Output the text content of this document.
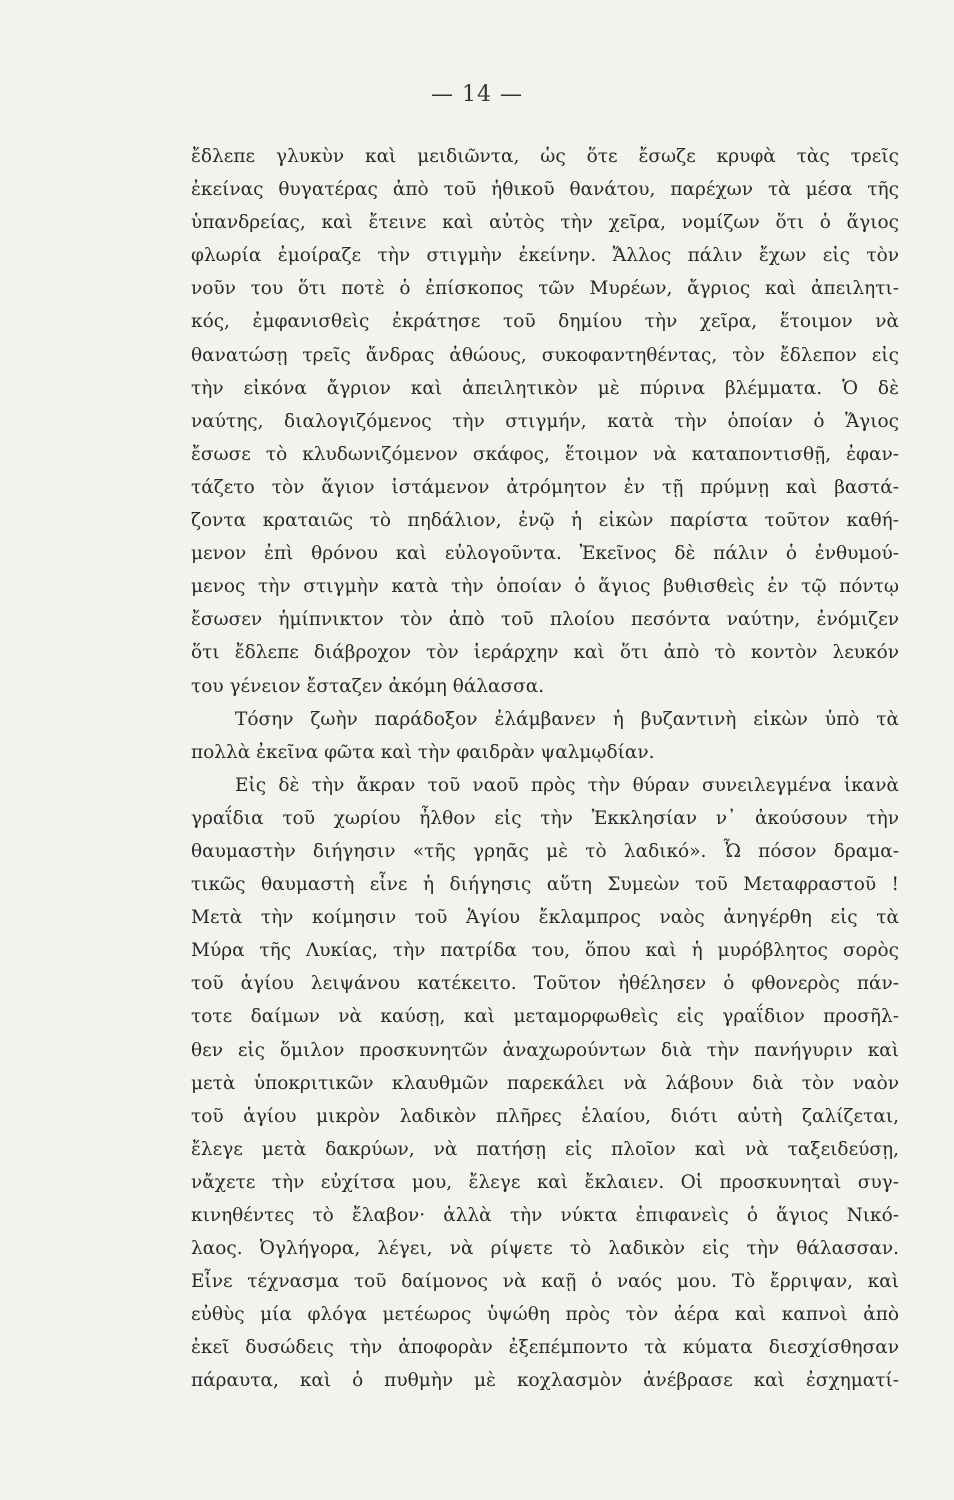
— 14 —
ἔδλεπε γλυκὺν καὶ μειδιῶντα, ὡς ὅτε ἔσωζε κρυφὰ τὰς τρεῖς
ἐκείνας θυγατέρας ἀπὸ τοῦ ἠθικοῦ θανάτου, παρέχων τὰ μέσα τῆς
ὑπανδρείας, καὶ ἔτεινε καὶ αὐτὸς τὴν χεῖρα, νομίζων ὅτι ὁ ἅγιος
φλωρία ἐμοίραζε τὴν στιγμὴν ἐκείνην. Ἄλλος πάλιν ἔχων εἰς τὸν
νοῦν του ὅτι ποτὲ ὁ ἐπίσκοπος τῶν Μυρέων, ἄγριος καὶ ἀπειλητι-
κός, ἐμφανισθεὶς ἐκράτησε τοῦ δημίου τὴν χεῖρα, ἕτοιμον νὰ
θανατώσῃ τρεῖς ἄνδρας ἀθώους, συκοφαντηθέντας, τὸν ἔδλεπον εἰς
τὴν εἰκόνα ἄγριον καὶ ἀπειλητικὸν μὲ πύρινα βλέμματα. Ὁ δὲ
ναύτης, διαλογιζόμενος τὴν στιγμήν, κατὰ τὴν ὁποίαν ὁ Ἅγιος
ἔσωσε τὸ κλυδωνιζόμενον σκάφος, ἕτοιμον νὰ καταποντισθῇ, ἐφαν-
τάζετο τὸν ἅγιον ἱστάμενον ἀτρόμητον ἐν τῇ πρύμνῃ καὶ βαστά-
ζοντα κραταιῶς τὸ πηδάλιον, ἐνῷ ἡ εἰκὼν παρίστα τοῦτον καθή-
μενον ἐπὶ θρόνου καὶ εὐλογοῦντα. Ἐκεῖνος δὲ πάλιν ὁ ἐνθυμού-
μενος τὴν στιγμὴν κατὰ τὴν ὁποίαν ὁ ἅγιος βυθισθεὶς ἐν τῷ πόντῳ
ἔσωσεν ἡμίπνικτον τὸν ἀπὸ τοῦ πλοίου πεσόντα ναύτην, ἐνόμιζεν
ὅτι ἔδλεπε διάβροχον τὸν ἱεράρχην καὶ ὅτι ἀπὸ τὸ κοντὸν λευκόν
του γένειον ἔσταζεν ἀκόμη θάλασσα.
Τόσην ζωὴν παράδοξον ἐλάμβανεν ἡ βυζαντινὴ εἰκὼν ὑπὸ τὰ
πολλὰ ἐκεῖνα φῶτα καὶ τὴν φαιδρὰν ψαλμῳδίαν.
Εἰς δὲ τὴν ἄκραν τοῦ ναοῦ πρὸς τὴν θύραν συνειλεγμένα ἱκανὰ
γραΐδια τοῦ χωρίου ἦλθον εἰς τὴν Ἐκκλησίαν ν᾽ ἀκούσουν τὴν
θαυμαστὴν διήγησιν «τῆς γρηᾶς μὲ τὸ λαδικό». Ὦ πόσον δραμα-
τικῶς θαυμαστὴ εἶνε ἡ διήγησις αὕτη Συμεὼν τοῦ Μεταφραστοῦ !
Μετὰ τὴν κοίμησιν τοῦ Ἁγίου ἔκλαμπρος ναὸς ἀνηγέρθη εἰς τὰ
Μύρα τῆς Λυκίας, τὴν πατρίδα του, ὅπου καὶ ἡ μυρόβλητος σορὸς
τοῦ ἁγίου λειψάνου κατέκειτο. Τοῦτον ἠθέλησεν ὁ φθονερὸς πάν-
τοτε δαίμων νὰ καύσῃ, καὶ μεταμορφωθεὶς εἰς γραΐδιον προσῆλ-
θεν εἰς ὅμιλον προσκυνητῶν ἀναχωρούντων διὰ τὴν πανήγυριν καὶ
μετὰ ὑποκριτικῶν κλαυθμῶν παρεκάλει νὰ λάβουν διὰ τὸν ναὸν
τοῦ ἁγίου μικρὸν λαδικὸν πλῆρες ἐλαίου, διότι αὐτὴ ζαλίζεται,
ἔλεγε μετὰ δακρύων, νὰ πατήσῃ εἰς πλοῖον καὶ νὰ ταξειδεύσῃ,
νἄχετε τὴν εὐχίτσα μου, ἔλεγε καὶ ἔκλαιεν. Οἱ προσκυνηταὶ συγ-
κινηθέντες τὸ ἔλαβον· ἀλλὰ τὴν νύκτα ἐπιφανεὶς ὁ ἅγιος Νικό-
λαος. Ὀγλήγορα, λέγει, νὰ ρίψετε τὸ λαδικὸν εἰς τὴν θάλασσαν.
Εἶνε τέχνασμα τοῦ δαίμονος νὰ καῇ ὁ ναός μου. Τὸ ἔρριψαν, καὶ
εὐθὺς μία φλόγα μετέωρος ὑψώθη πρὸς τὸν ἀέρα καὶ καπνοὶ ἀπὸ
ἐκεῖ δυσώδεις τὴν ἀποφορὰν ἐξεπέμποντο τὰ κύματα διεσχίσθησαν
πάραυτα, καὶ ὁ πυθμὴν μὲ κοχλασμὸν ἀνέβρασε καὶ ἐσχηματί-
